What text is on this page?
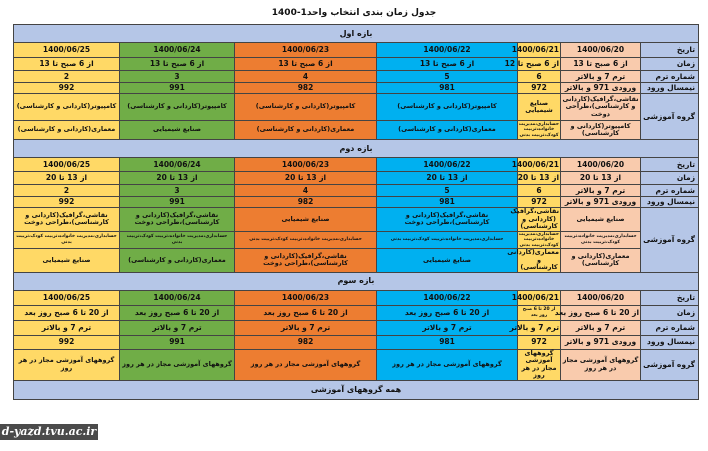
جدول زمان بندی انتخاب واحد1-1400
بازه اول						
تاریخ	1400/06/20	1400/06/21	1400/06/22	1400/06/23	1400/06/24	1400/06/25
زمان	از 6 صبح تا 13	از 6 صبح تا 12	از 6 صبح تا 13	از 6 صبح تا 13	از 6 صبح تا 13	از 6 صبح تا 13
شماره ترم	ترم 7 و بالاتر	6	5	4	3	2
نیمسال ورود	ورودی 971 و بالاتر	972	981	982	991	992
گروه آموزشی	نقاشی،گرافیک(کاردانی و کارشناسی)،طراحی دوخت	صنایع شیمیایی	کامپیوتر(کاردانی و کارشناسی)	کامپیوتر(کاردانی و کارشناسی)	کامپیوتر(کاردانی و کارشناسی)	کامپیوتر(کاردانی و کارشناسی)
	کامپیوتر(کاردانی و کارشناسی)	حسابداری،مدیریت خانواده،تربیت کودک،تربیت بدنی	معماری(کاردانی و کارشناسی)	معماری(کاردانی و کارشناسی)	صنایع شیمیایی	معماری(کاردانی و کارشناسی)
بازه دوم						
تاریخ	1400/06/20	1400/06/21	1400/06/22	1400/06/23	1400/06/24	1400/06/25
زمان	از 13 تا 20	از 13 تا 20	از 13 تا 20	از 13 تا 20	از 13 تا 20	از 13 تا 20
شماره ترم	ترم 7 و بالاتر	6	5	4	3	2
نیمسال ورود	ورودی 971 و بالاتر	972	981	982	991	992
گروه آموزشی	صنایع شیمیایی	نقاشی،گرافیک (کاردانی و کارشناسی)	نقاشی،گرافیک(کاردانی و کارشناسی)،طراحی دوخت	صنایع شیمیایی	نقاشی،گرافیک(کاردانی و کارشناسی)،طراحی دوخت	نقاشی،گرافیک(کاردانی و کارشناسی)،طراحی دوخت
	حسابداری،مدیریت خانواده،تربیت کودک،تربیت بدنی	حسابداری،مدیریت خانواده،تربیت کودک،تربیت بدنی	حسابداری،مدیریت خانواده،تربیت کودک،تربیت بدنی	حسابداری،مدیریت خانواده،تربیت کودک،تربیت بدنی	حسابداری،مدیریت خانواده،تربیت کودک،تربیت بدنی	حسابداری،مدیریت خانواده،تربیت کودک،تربیت بدنی
	معماری(کاردانی و کارشناسی)	معماری(کاردانی و کارشناسی)	صنایع شیمیایی	نقاشی،گرافیک(کاردانی و کارشناسی)،طراحی دوخت	معماری(کاردانی و کارشناسی)	صنایع شیمیایی
بازه سوم						
تاریخ	1400/06/20	1400/06/21	1400/06/22	1400/06/23	1400/06/24	1400/06/25
زمان	از 20 تا 6 صبح روز بعد	از 20 تا 6 صبح روز بعد	از 20 تا 6 صبح روز بعد	از 20 تا 6 صبح روز بعد	از 20 تا 6 صبح روز بعد	از 20 تا 6 صبح روز بعد
شماره ترم	ترم 7 و بالاتر	ترم 7 و بالاتر	ترم 7 و بالاتر	ترم 7 و بالاتر	ترم 7 و بالاتر	ترم 7 و بالاتر
نیمسال ورود	ورودی 971 و بالاتر	972	981	982	991	992
گروه آموزشی	گروههای آموزشی مجاز در هر روز	گروههای آموزشی مجاز در هر روز	گروههای آموزشی مجاز در هر روز	گروههای آموزشی مجاز در هر روز	گروههای آموزشی مجاز در هر روز	گروههای آموزشی مجاز در هر روز
همه گروههای آموزشی						
d-yazd.tvu.ac.ir
